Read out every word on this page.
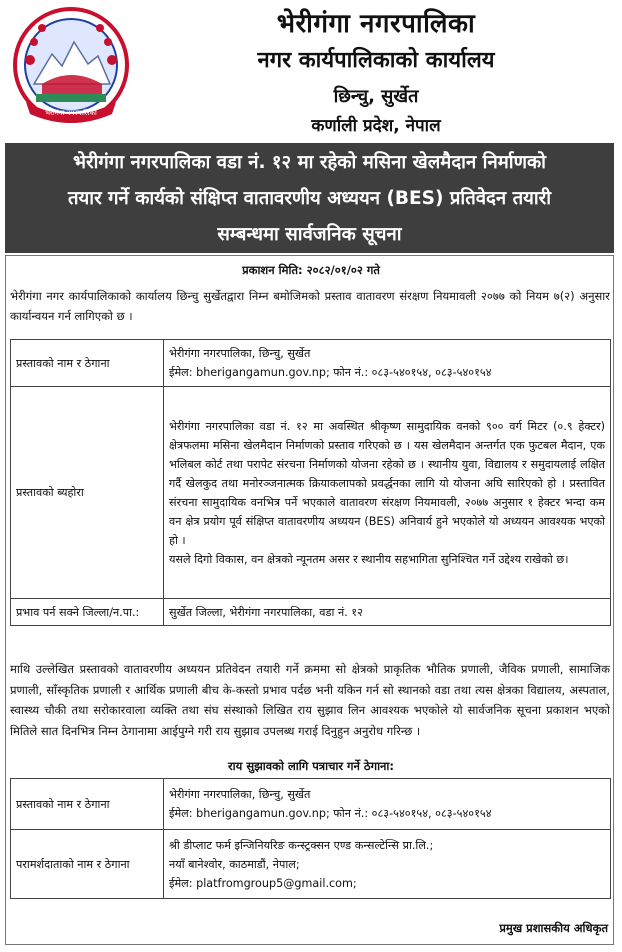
भेरीगंगा नगरपालिका
भेरीगंगा नगरपालिका
नगर कार्यपालिकाको कार्यालय
छिन्चु, सुर्खेत
कर्णाली प्रदेश, नेपाल
भेरीगंगा नगरपालिका वडा नं. १२ मा रहेको मसिना खेलमैदान निर्माणको
तयार गर्ने कार्यको संक्षिप्त वातावरणीय अध्ययन (BES) प्रतिवेदन तयारी
सम्बन्धमा सार्वजनिक सूचना
प्रकाशन मिति: २०८२/०१/०२ गते
भेरीगंगा नगर कार्यपालिकाको कार्यालय छिन्चु सुर्खेतद्वारा निम्न बमोजिमको प्रस्ताव वातावरण संरक्षण नियमावली २०७७ को नियम ७(२) अनुसार कार्यान्वयन गर्न लागिएको छ ।
प्रस्तावको नाम र ठेगाना	भेरीगंगा नगरपालिका, छिन्चु, सुर्खेत
ईमेल: bherigangamun.gov.np; फोन नं.: ०८३-५४०१५४, ०८३-५४०१५४

प्रस्तावको ब्यहोरा	भेरीगंगा नगरपालिका वडा नं. १२ मा अवस्थित श्रीकृष्ण सामुदायिक वनको ९०० वर्ग मिटर (०.९ हेक्टर) क्षेत्रफलमा मसिना खेलमैदान निर्माणको प्रस्ताव गरिएको छ । यस खेलमैदान अन्तर्गत एक फुटबल मैदान, एक भलिबल कोर्ट तथा परापेट संरचना निर्माणको योजना रहेको छ । स्थानीय युवा, विद्यालय र समुदायलाई लक्षित गर्दै खेलकुद तथा मनोरञ्जनात्मक क्रियाकलापको प्रवर्द्धनका लागि यो योजना अघि सारिएको हो । प्रस्तावित संरचना सामुदायिक वनभित्र पर्ने भएकाले वातावरण संरक्षण नियमावली, २०७७ अनुसार १ हेक्टर भन्दा कम वन क्षेत्र प्रयोग पूर्व संक्षिप्त वातावरणीय अध्ययन (BES) अनिवार्य हुने भएकोले यो अध्ययन आवश्यक भएको हो ।
यसले दिगो विकास, वन क्षेत्रको न्यूनतम असर र स्थानीय सहभागिता सुनिश्चित गर्ने उद्देश्य राखेको छ।

प्रभाव पर्न सक्ने जिल्ला/न.पा.:	सुर्खेत जिल्ला, भेरीगंगा नगरपालिका, वडा नं. १२
माथि उल्लेखित प्रस्तावको वातावरणीय अध्ययन प्रतिवेदन तयारी गर्ने क्रममा सो क्षेत्रको प्राकृतिक भौतिक प्रणाली, जैविक प्रणाली, सामाजिक प्रणाली, साँस्कृतिक प्रणाली र आर्थिक प्रणाली बीच के-कस्तो प्रभाव पर्दछ भनी यकिन गर्न सो स्थानको वडा तथा त्यस क्षेत्रका विद्यालय, अस्पताल, स्वास्थ्य चौकी तथा सरोकारवाला व्यक्ति तथा संघ संस्थाको लिखित राय सुझाव लिन आवश्यक भएकोले यो सार्वजनिक सूचना प्रकाशन भएको मितिले सात दिनभित्र निम्न ठेगानामा आईपुग्ने गरी राय सुझाव उपलब्ध गराई दिनुहुन अनुरोध गरिन्छ ।
राय सुझावको लागि पत्राचार गर्ने ठेगाना:
प्रस्तावको नाम र ठेगाना	भेरीगंगा नगरपालिका, छिन्चु, सुर्खेत
ईमेल: bherigangamun.gov.np; फोन नं.: ०८३-५४०१५४, ०८३-५४०१५४

परामर्शदाताको नाम र ठेगाना	श्री डीप्लाट फर्म इन्जिनियरिङ कन्स्ट्रक्सन एण्ड कन्सल्टेन्सि प्रा.लि.;
नयाँ बानेश्वोर, काठमाडौं, नेपाल;
ईमेल: platfromgroup5@gmail.com;
प्रमुख प्रशासकीय अधिकृत
